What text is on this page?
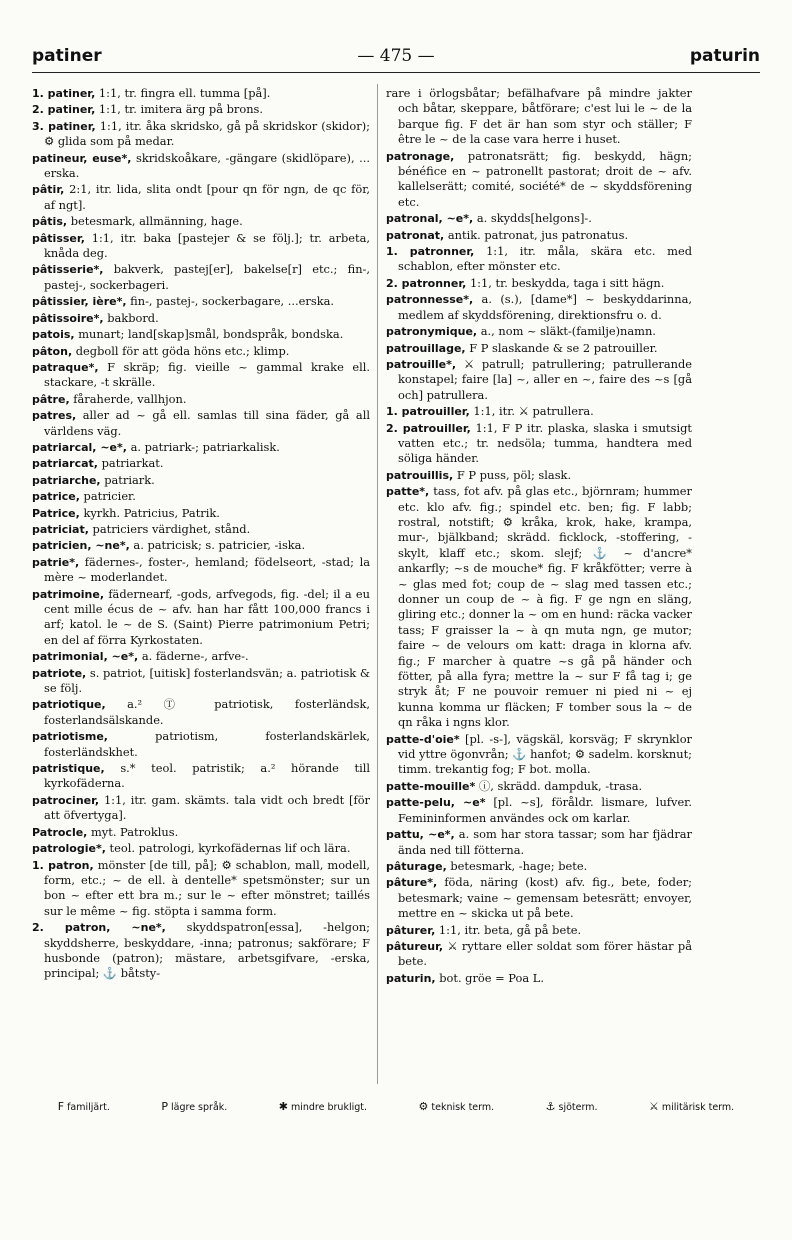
patiner	— 475 —	paturin

1. patiner, 1:1, tr. fingra ell. tumma [på].

2. patiner, 1:1, tr. imitera ärg på brons.

3. patiner, 1:1, itr. åka skridsko, gå på skridskor (skidor); ⚙ glida som på medar.

patineur, euse*, skridskoåkare, -gängare (skidlöpare), ... erska.

pâtir, 2:1, itr. lida, slita ondt [pour qn för ngn, de qc för, af ngt].

pâtis, betesmark, allmänning, hage.

pâtisser, 1:1, itr. baka [pastejer & se följ.]; tr. arbeta, knåda deg.

pâtisserie*, bakverk, pastej[er], bakelse[r] etc.; fin-, pastej-, sockerbageri.

pâtissier, ière*, fin-, pastej-, sockerbagare, ...erska.

pâtissoire*, bakbord.

patois, munart; land[skap]smål, bondspråk, bondska.

pâton, degboll för att göda höns etc.; klimp.

patraque*, F skräp; fig. vieille ~ gammal krake ell. stackare, -t skrälle.

pâtre, fåraherde, vallhjon.

patres, aller ad ~ gå ell. samlas till sina fäder, gå all världens väg.

patriarcal, ~e*, a. patriark-; patriarkalisk.

patriarcat, patriarkat.

patriarche, patriark.

patrice, patricier.

Patrice, kyrkh. Patricius, Patrik.

patriciat, patriciers värdighet, stånd.

patricien, ~ne*, a. patricisk; s. patricier, -iska.

patrie*, fädernes-, foster-, hemland; födelseort, -stad; la mère ~ moderlandet.

patrimoine, fädernearf, -gods, arfvegods, fig. -del; il a eu cent mille écus de ~ afv. han har fått 100,000 francs i arf; katol. le ~ de S. (Saint) Pierre patrimonium Petri; en del af förra Kyrkostaten.

patrimonial, ~e*, a. fäderne-, arfve-.

patriote, s. patriot, [uitisk] fosterlandsvän; a. patriotisk & se följ.

patriotique, a.² Ⓣ patriotisk, fosterländsk, fosterlandsälskande.

patriotisme,	patriotism, fosterlandskärlek, fosterländskhet.

patristique, s.* teol. patristik; a.² hörande till kyrkofäderna.

patrociner, 1:1, itr. gam. skämts. tala vidt och bredt [för att öfvertyga].

Patrocle, myt. Patroklus.

patrologie*, teol. patrologi, kyrkofädernas lif och lära.

1. patron, mönster [de till, på]; ⚙ schablon, mall, modell, form, etc.; ~ de ell. à dentelle* spetsmönster; sur un bon ~ efter ett bra m.; sur le ~ efter mönstret; taillés sur le même ~ fig. stöpta i samma form.

2. patron, ~ne*, skyddspatron[essa], -helgon; skyddsherre, beskyddare, -inna; patronus; sakförare; F husbonde (patron); mästare, arbetsgifvare, -erska, principal; ⚓ båtsty-

rare i örlogsbåtar; befälhafvare på mindre jakter och båtar, skeppare, båtförare; c'est lui le ~ de la barque fig. F det är han som styr och ställer; F être le ~ de la case vara herre i huset.

patronage, patronatsrätt; fig. beskydd, hägn; bénéfice en ~ patronellt pastorat; droit de ~ afv. kallelserätt; comité, société* de ~ skyddsförening etc.

patronal, ~e*, a. skydds[helgons]-.

patronat, antik. patronat, jus patronatus.

1. patronner, 1:1, itr. måla, skära etc. med schablon, efter mönster etc.

2. patronner, 1:1, tr. beskydda, taga i sitt hägn.

patronnesse*, a. (s.), [dame*] ~ beskyddarinna, medlem af skyddsförening, direktionsfru o. d.

patronymique, a., nom ~ släkt-(familje)namn.

patrouillage, F P slaskande & se 2 patrouiller.

patrouille*, ⚔ patrull; patrullering; patrullerande konstapel; faire [la] ~, aller en ~, faire des ~s [gå och] patrullera.

1. patrouiller, 1:1, itr. ⚔ patrullera.

2. patrouiller, 1:1, F P itr. plaska, slaska i smutsigt vatten etc.; tr. nedsöla; tumma, handtera med söliga händer.

patrouillis, F P puss, pöl; slask.

patte*, tass, fot afv. på glas etc., björnram; hummer etc. klo afv. fig.; spindel etc. ben; fig. F labb; rostral, notstift; ⚙ kråka, krok, hake, krampa, mur-, bjälkband; skrädd. ficklock, -stoffering, -skylt, klaff etc.; skom. slejf; ⚓ ~ d'ancre* ankarfly; ~s de mouche* fig. F kråkfötter; verre à ~ glas med fot; coup de ~ slag med tassen etc.; donner un coup de ~ à fig. F ge ngn en släng, gliring etc.; donner la ~ om en hund: räcka vacker tass; F graisser la ~ à qn muta ngn, ge mutor; faire ~ de velours om katt: draga in klorna afv. fig.; F marcher à quatre ~s gå på händer och fötter, på alla fyra; mettre la ~ sur F få tag i; ge stryk åt; F ne pouvoir remuer ni pied ni ~ ej kunna komma ur fläcken; F tomber sous la ~ de qn råka i ngns klor.

patte-d'oie* [pl. -s-], vägskäl, korsväg; F skrynklor vid yttre ögonvrån; ⚓ hanfot; ⚙ sadelm. korsknut; timm. trekantig fog; F bot. molla.

patte-mouille* ⓘ, skrädd. dampduk, -trasa.

patte-pelu, ~e* [pl. ~s], föråldr. lismare, lufver. Femininformen användes ock om karlar.

pattu, ~e*, a. som har stora tassar; som har fjädrar ända ned till fötterna.

pâturage, betesmark, -hage; bete.

pâture*, föda, näring (kost) afv. fig., bete, foder; betesmark; vaine ~ gemensam betesrätt; envoyer, mettre en ~ skicka ut på bete.

pâturer, 1:1, itr. beta, gå på bete.

pâtureur, ⚔ ryttare eller soldat som förer hästar på bete.

paturin, bot. gröe = Poa L.

F familjärt.	P lägre språk.	✱ mindre brukligt.	⚙ teknisk term.	⚓ sjöterm.	⚔ militärisk term.
